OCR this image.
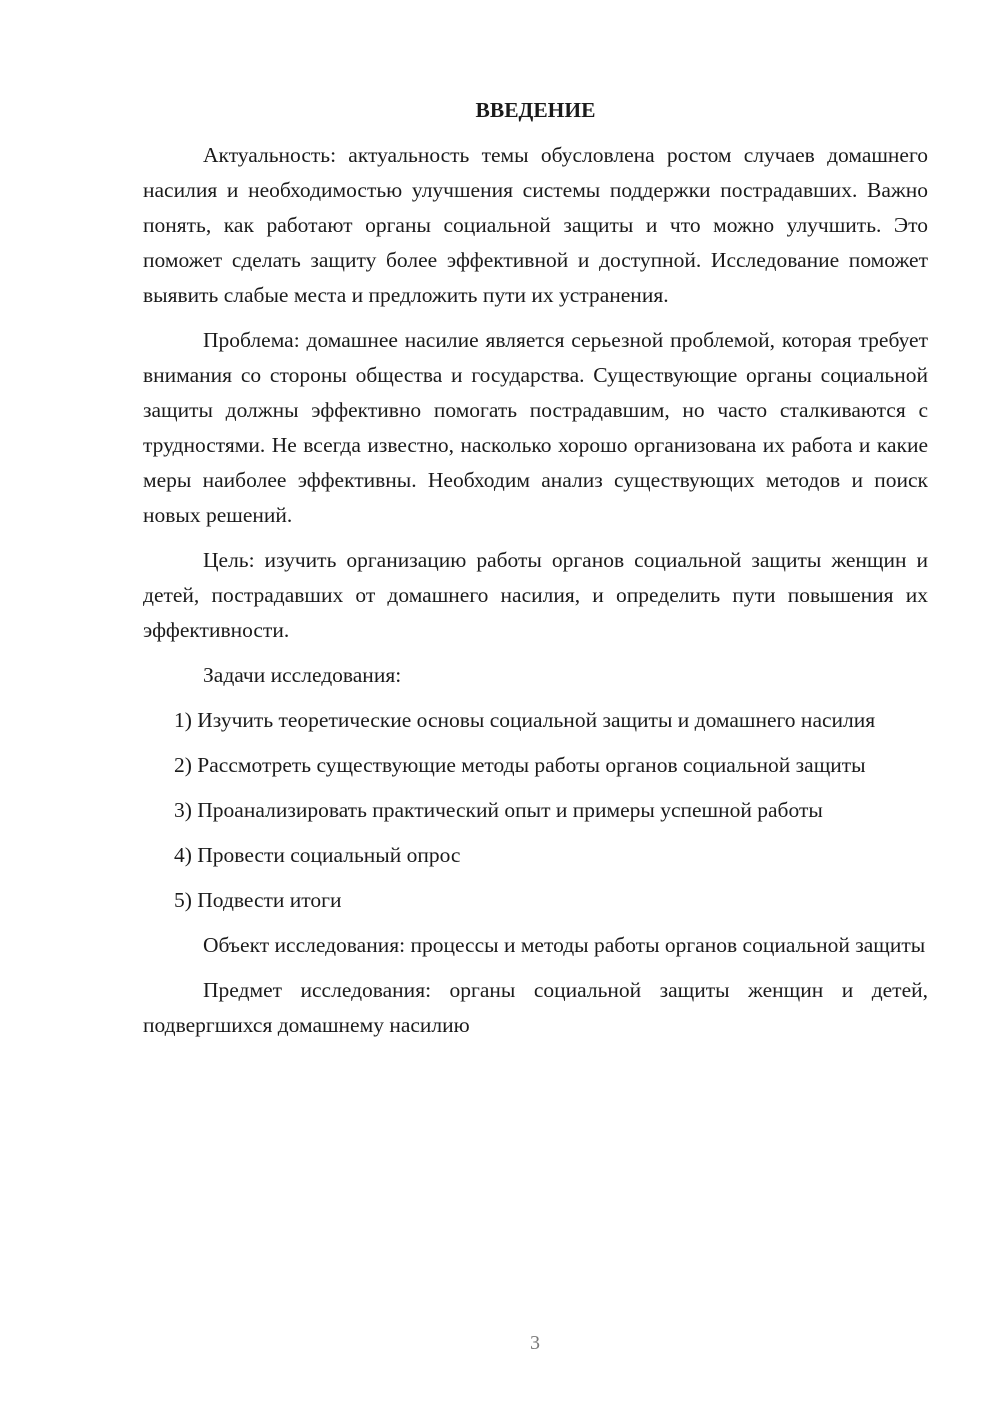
ВВЕДЕНИЕ

Актуальность: актуальность темы обусловлена ростом случаев домашнего насилия и необходимостью улучшения системы поддержки пострадавших. Важно понять, как работают органы социальной защиты и что можно улучшить. Это поможет сделать защиту более эффективной и доступной. Исследование поможет выявить слабые места и предложить пути их устранения.

Проблема: домашнее насилие является серьезной проблемой, которая требует внимания со стороны общества и государства. Существующие органы социальной защиты должны эффективно помогать пострадавшим, но часто сталкиваются с трудностями. Не всегда известно, насколько хорошо организована их работа и какие меры наиболее эффективны. Необходим анализ существующих методов и поиск новых решений.

Цель: изучить организацию работы органов социальной защиты женщин и детей, пострадавших от домашнего насилия, и определить пути повышения их эффективности.

Задачи исследования:

1) Изучить теоретические основы социальной защиты и домашнего насилия

2) Рассмотреть существующие методы работы органов социальной защиты

3) Проанализировать практический опыт и примеры успешной работы

4) Провести социальный опрос

5) Подвести итоги

Объект исследования: процессы и методы работы органов социальной защиты

Предмет исследования: органы социальной защиты женщин и детей, подвергшихся домашнему насилию

3
